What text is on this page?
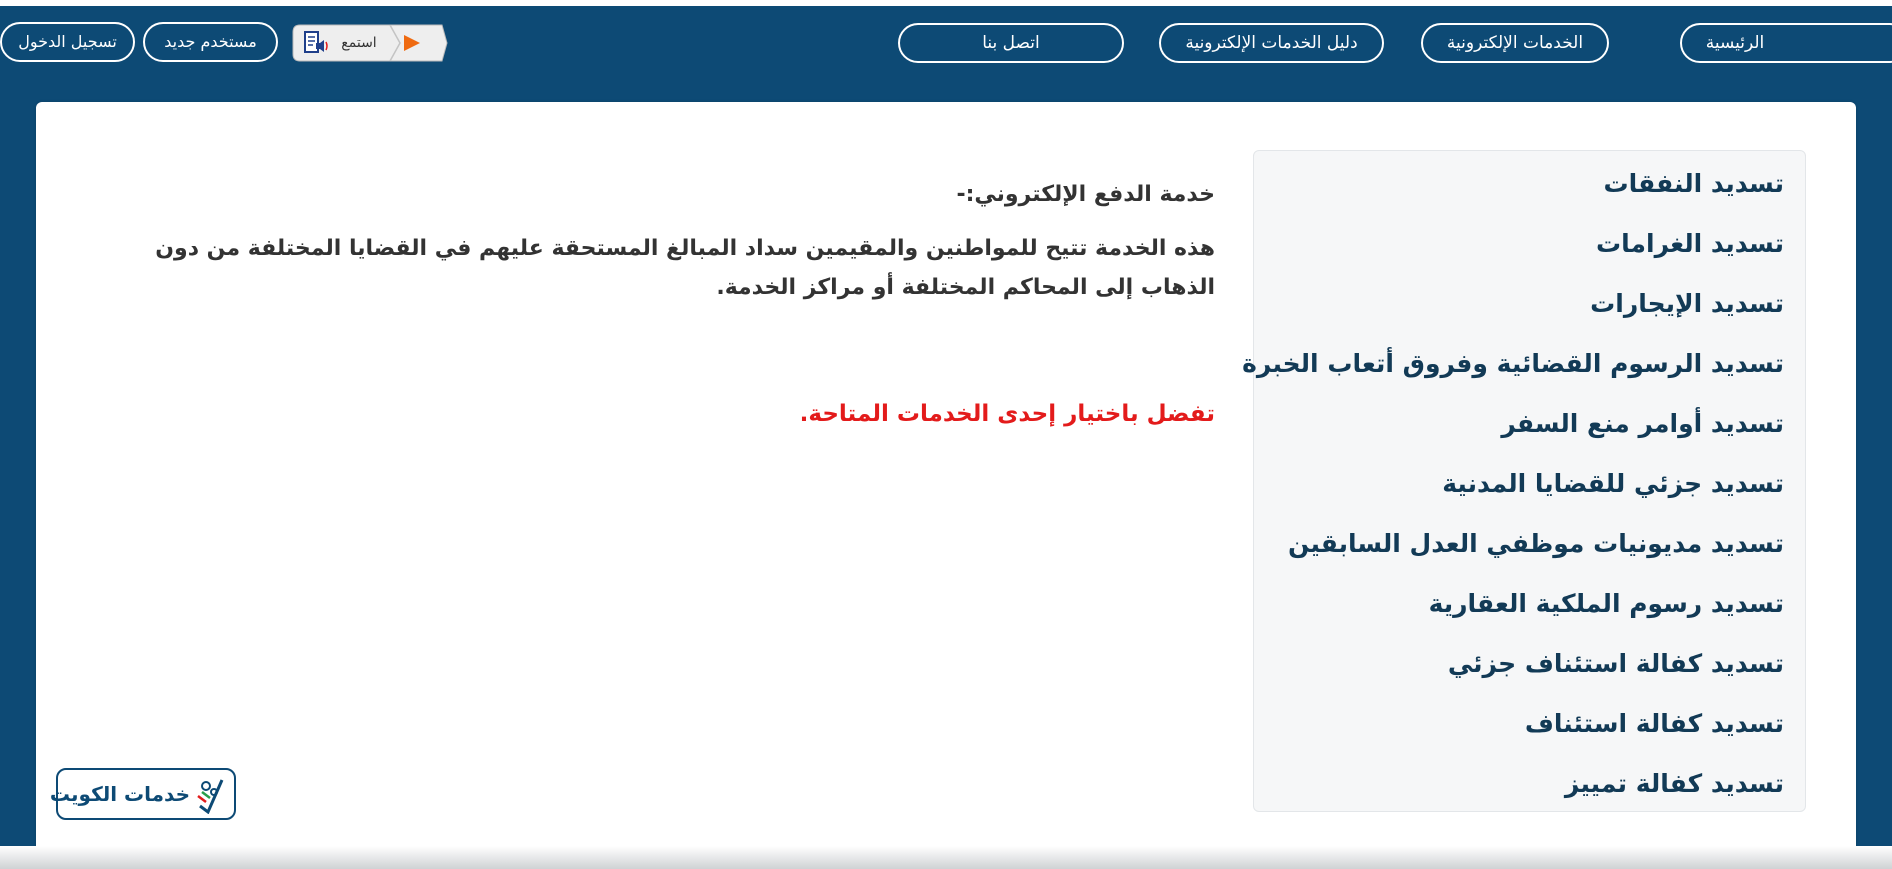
الرئيسية
الخدمات الإلكترونية
دليل الخدمات الإلكترونية
اتصل بنا
استمع
مستخدم جديد
تسجيل الدخول
تسديد النفقات
تسديد الغرامات
تسديد الإيجارات
تسديد الرسوم القضائية وفروق أتعاب الخبرة
تسديد أوامر منع السفر
تسديد جزئي للقضايا المدنية
تسديد مديونيات موظفي العدل السابقين
تسديد رسوم الملكية العقارية
تسديد كفالة استئناف جزئي
تسديد كفالة استئناف
تسديد كفالة تمييز
خدمة الدفع الإلكتروني:-
هذه الخدمة تتيح للمواطنين والمقيمين سداد المبالغ المستحقة عليهم في القضايا المختلفة من دون الذهاب إلى المحاكم المختلفة أو مراكز الخدمة.
تفضل باختيار إحدى الخدمات المتاحة.
خدمات الكويت
